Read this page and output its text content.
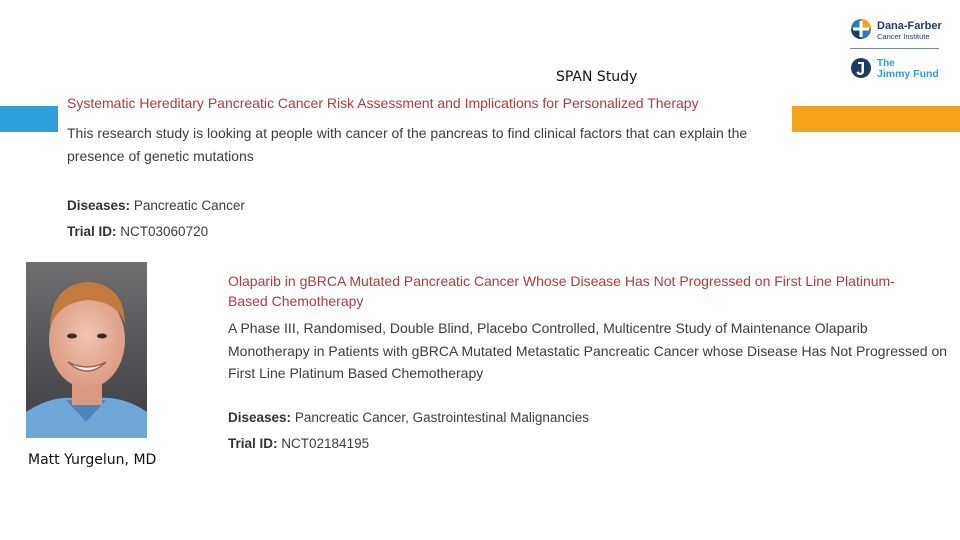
Dana-Farber
Cancer Institute
The
Jimmy Fund
SPAN Study
Systematic Hereditary Pancreatic Cancer Risk Assessment and Implications for Personalized Therapy
This research study is looking at people with cancer of the pancreas to find clinical factors that can explain the presence of genetic mutations
Diseases: Pancreatic Cancer
Trial ID: NCT03060720
Matt Yurgelun, MD
Olaparib in gBRCA Mutated Pancreatic Cancer Whose Disease Has Not Progressed on First Line Platinum-Based Chemotherapy
A Phase III, Randomised, Double Blind, Placebo Controlled, Multicentre Study of Maintenance Olaparib Monotherapy in Patients with gBRCA Mutated Metastatic Pancreatic Cancer whose Disease Has Not Progressed on First Line Platinum Based Chemotherapy
Diseases: Pancreatic Cancer, Gastrointestinal Malignancies
Trial ID: NCT02184195
